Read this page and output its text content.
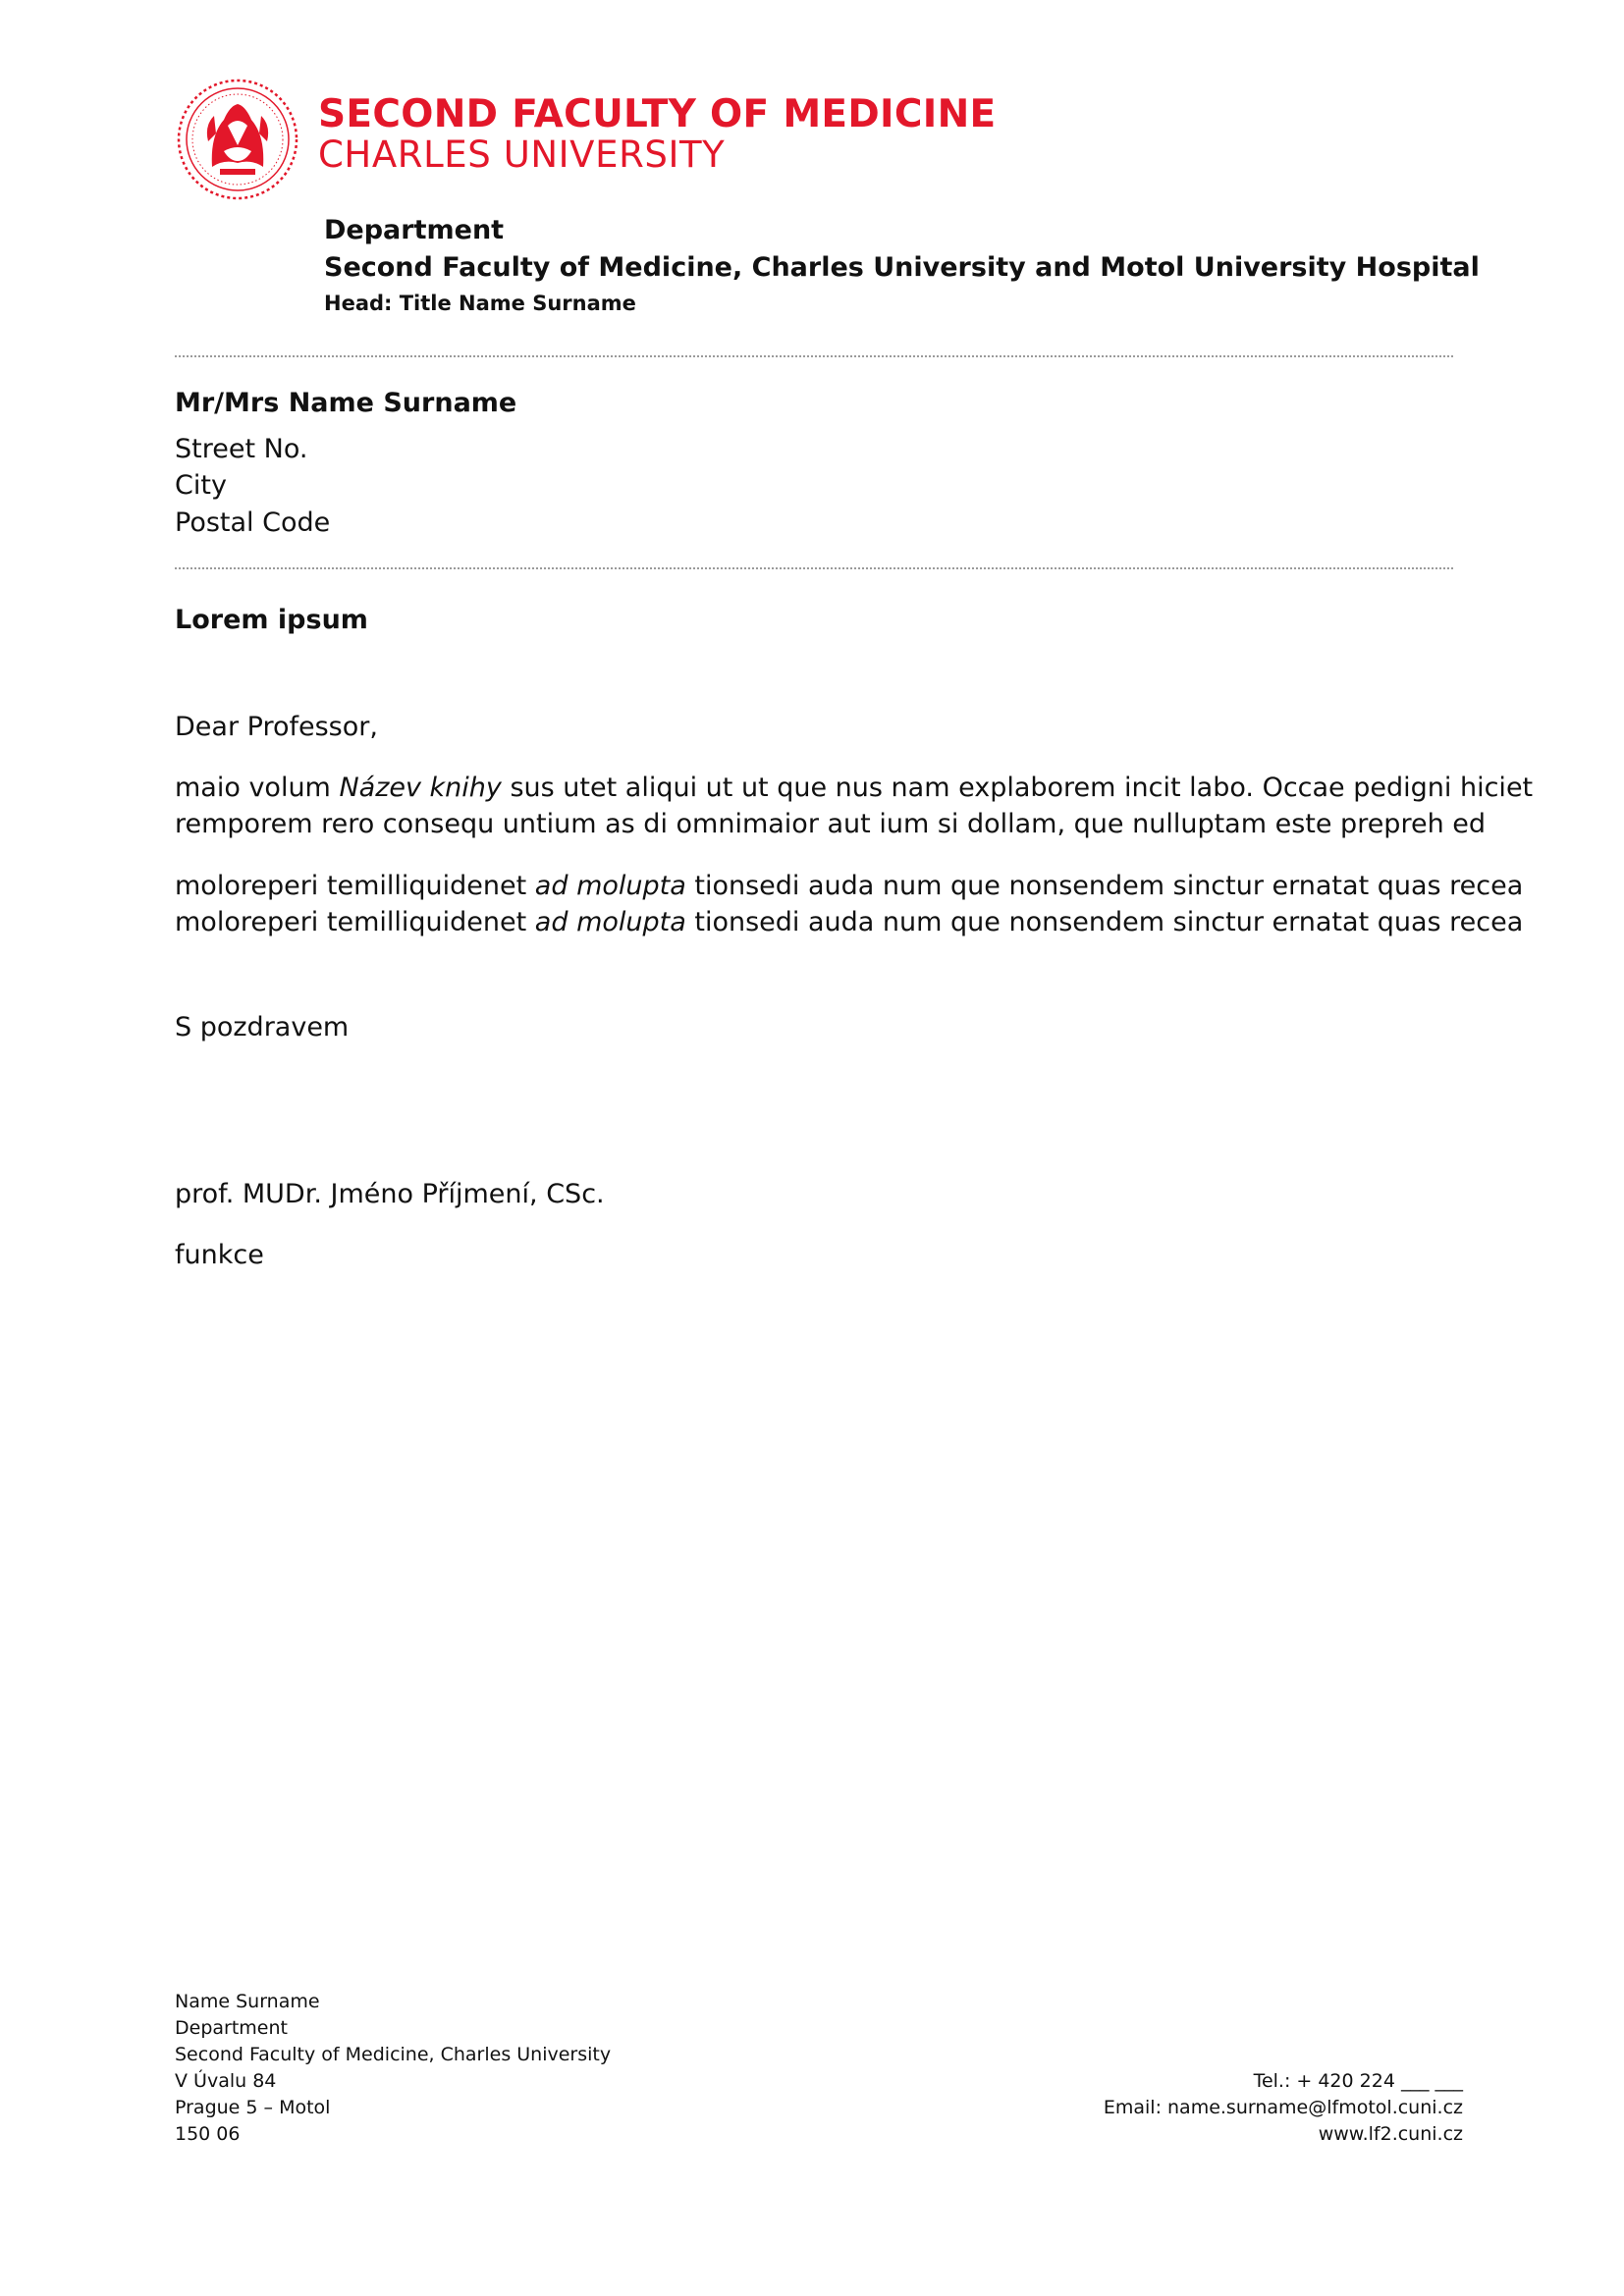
SECOND FACULTY OF MEDICINE
CHARLES UNIVERSITY
Department
Second Faculty of Medicine, Charles University and Motol University Hospital
Head: Title Name Surname
Mr/Mrs Name Surname
Street No.
City
Postal Code
Lorem ipsum
Dear Professor,
maio volum Název knihy sus utet aliqui ut ut que nus nam explaborem incit labo. Occae pedigni hiciet
remporem rero consequ untium as di omnimaior aut ium si dollam, que nulluptam este prepreh ed
moloreperi temilliquidenet ad molupta tionsedi auda num que nonsendem sinctur ernatat quas recea
moloreperi temilliquidenet ad molupta tionsedi auda num que nonsendem sinctur ernatat quas recea
S pozdravem
prof. MUDr. Jméno Příjmení, CSc.
funkce
Name Surname
Department
Second Faculty of Medicine, Charles University
V Úvalu 84
Prague 5 – Motol
150 06
Tel.: + 420 224 ___ ___
Email: name.surname@lfmotol.cuni.cz
www.lf2.cuni.cz
